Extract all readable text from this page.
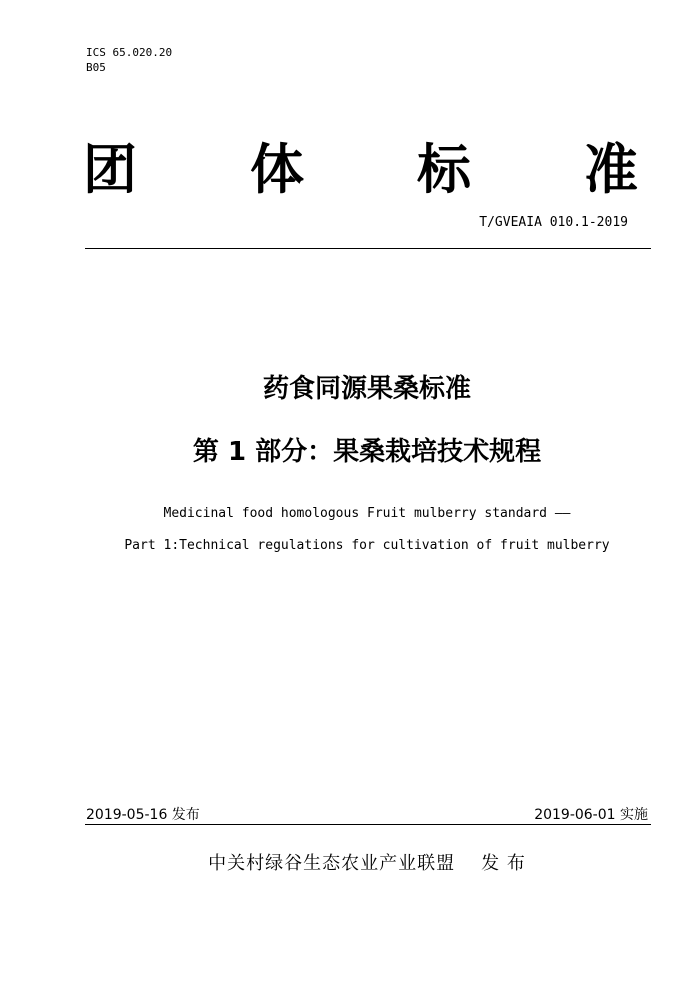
ICS 65.020.20
B05
团 体 标 准
T/GVEAIA 010.1-2019
药食同源果桑标准
第 1 部分：果桑栽培技术规程
Medicinal food homologous Fruit mulberry standard ——
Part 1:Technical regulations for cultivation of fruit mulberry
2019-05-16 发布	2019-06-01 实施
中关村绿谷生态农业产业联盟 发 布
